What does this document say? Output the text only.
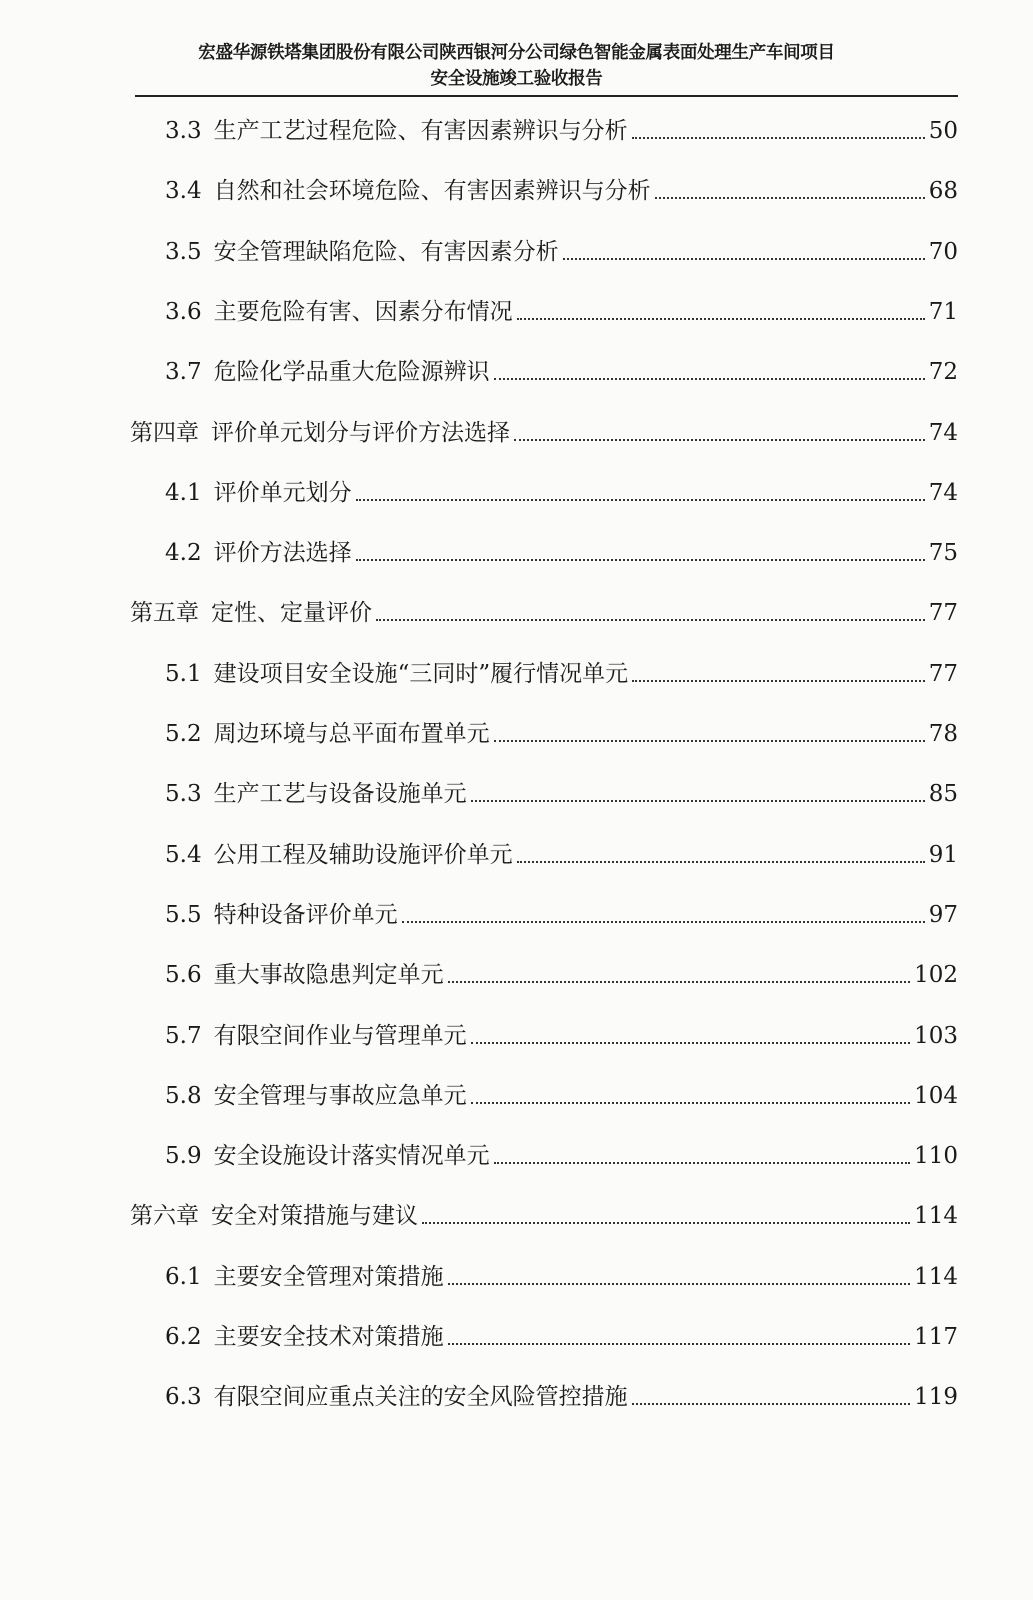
宏盛华源铁塔集团股份有限公司陕西银河分公司绿色智能金属表面处理生产车间项目
安全设施竣工验收报告
3.3 生产工艺过程危险、有害因素辨识与分析	50
3.4 自然和社会环境危险、有害因素辨识与分析	68
3.5 安全管理缺陷危险、有害因素分析	70
3.6 主要危险有害、因素分布情况	71
3.7 危险化学品重大危险源辨识	72
第四章 评价单元划分与评价方法选择	74
4.1 评价单元划分	74
4.2 评价方法选择	75
第五章 定性、定量评价	77
5.1 建设项目安全设施“三同时”履行情况单元	77
5.2 周边环境与总平面布置单元	78
5.3 生产工艺与设备设施单元	85
5.4 公用工程及辅助设施评价单元	91
5.5 特种设备评价单元	97
5.6 重大事故隐患判定单元	102
5.7 有限空间作业与管理单元	103
5.8 安全管理与事故应急单元	104
5.9 安全设施设计落实情况单元	110
第六章 安全对策措施与建议	114
6.1 主要安全管理对策措施	114
6.2 主要安全技术对策措施	117
6.3 有限空间应重点关注的安全风险管控措施	119
